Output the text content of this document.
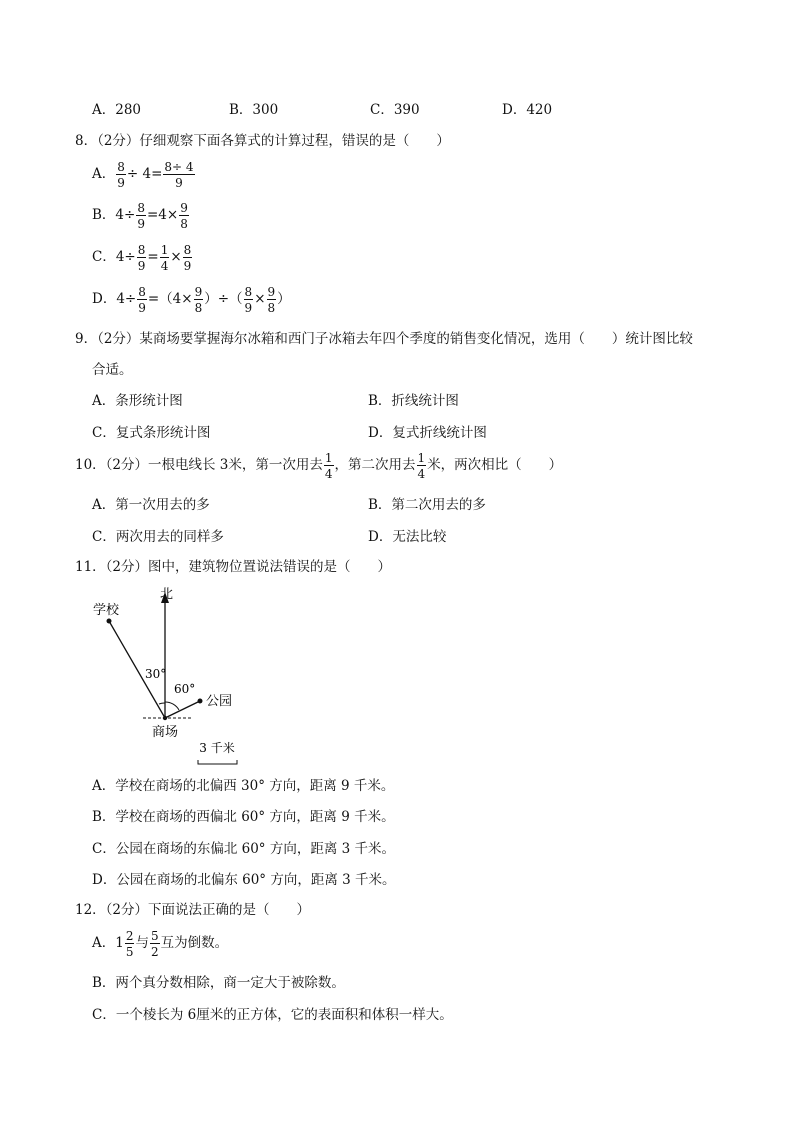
A．280	B．300	C．390	D．420
8．（2分）仔细观察下面各算式的计算过程，错误的是（　　）
A． $\frac{8}{9} \div 4= \frac{8\div 4}{9}$
B．$4\div \frac{8}{9} =4\times \frac{9}{8}$
C．$4\div \frac{8}{9} = \frac{1}{4} \times \frac{8}{9}$
D．$4\div \frac{8}{9} =(4\times \frac{9}{8}$ ）÷（ $\frac{8}{9} \times \frac{9}{8}$ ）
9．（2分）某商场要掌握海尔冰箱和西门子冰箱去年四个季度的销售变化情况，选用（　　）统计图比较
合适。
A．条形统计图	B．折线统计图
C．复式条形统计图	D．复式折线统计图
10．（2分）一根电线长 3米，第一次用去 $\frac{1}{4}$ ，第二次用去 $\frac{1}{4}$ 米，两次相比（　　）
A．第一次用去的多	B．第二次用去的多
C．两次用去的同样多	D．无法比较
11．（2分）图中，建筑物位置说法错误的是（　　）
北
学校
公园
30°
60°
商场
3 千米
A．学校在商场的北偏西 30° 方向，距离 9 千米。
B．学校在商场的西偏北 60° 方向，距离 9 千米。
C．公园在商场的东偏北 60° 方向，距离 3 千米。
D．公园在商场的北偏东 60° 方向，距离 3 千米。
12．（2分）下面说法正确的是（　　）
A．$1 \frac{2}{5}$ 与 $\frac{5}{2}$ 互为倒数。
B．两个真分数相除，商一定大于被除数。
C．一个棱长为 6厘米的正方体，它的表面积和体积一样大。
